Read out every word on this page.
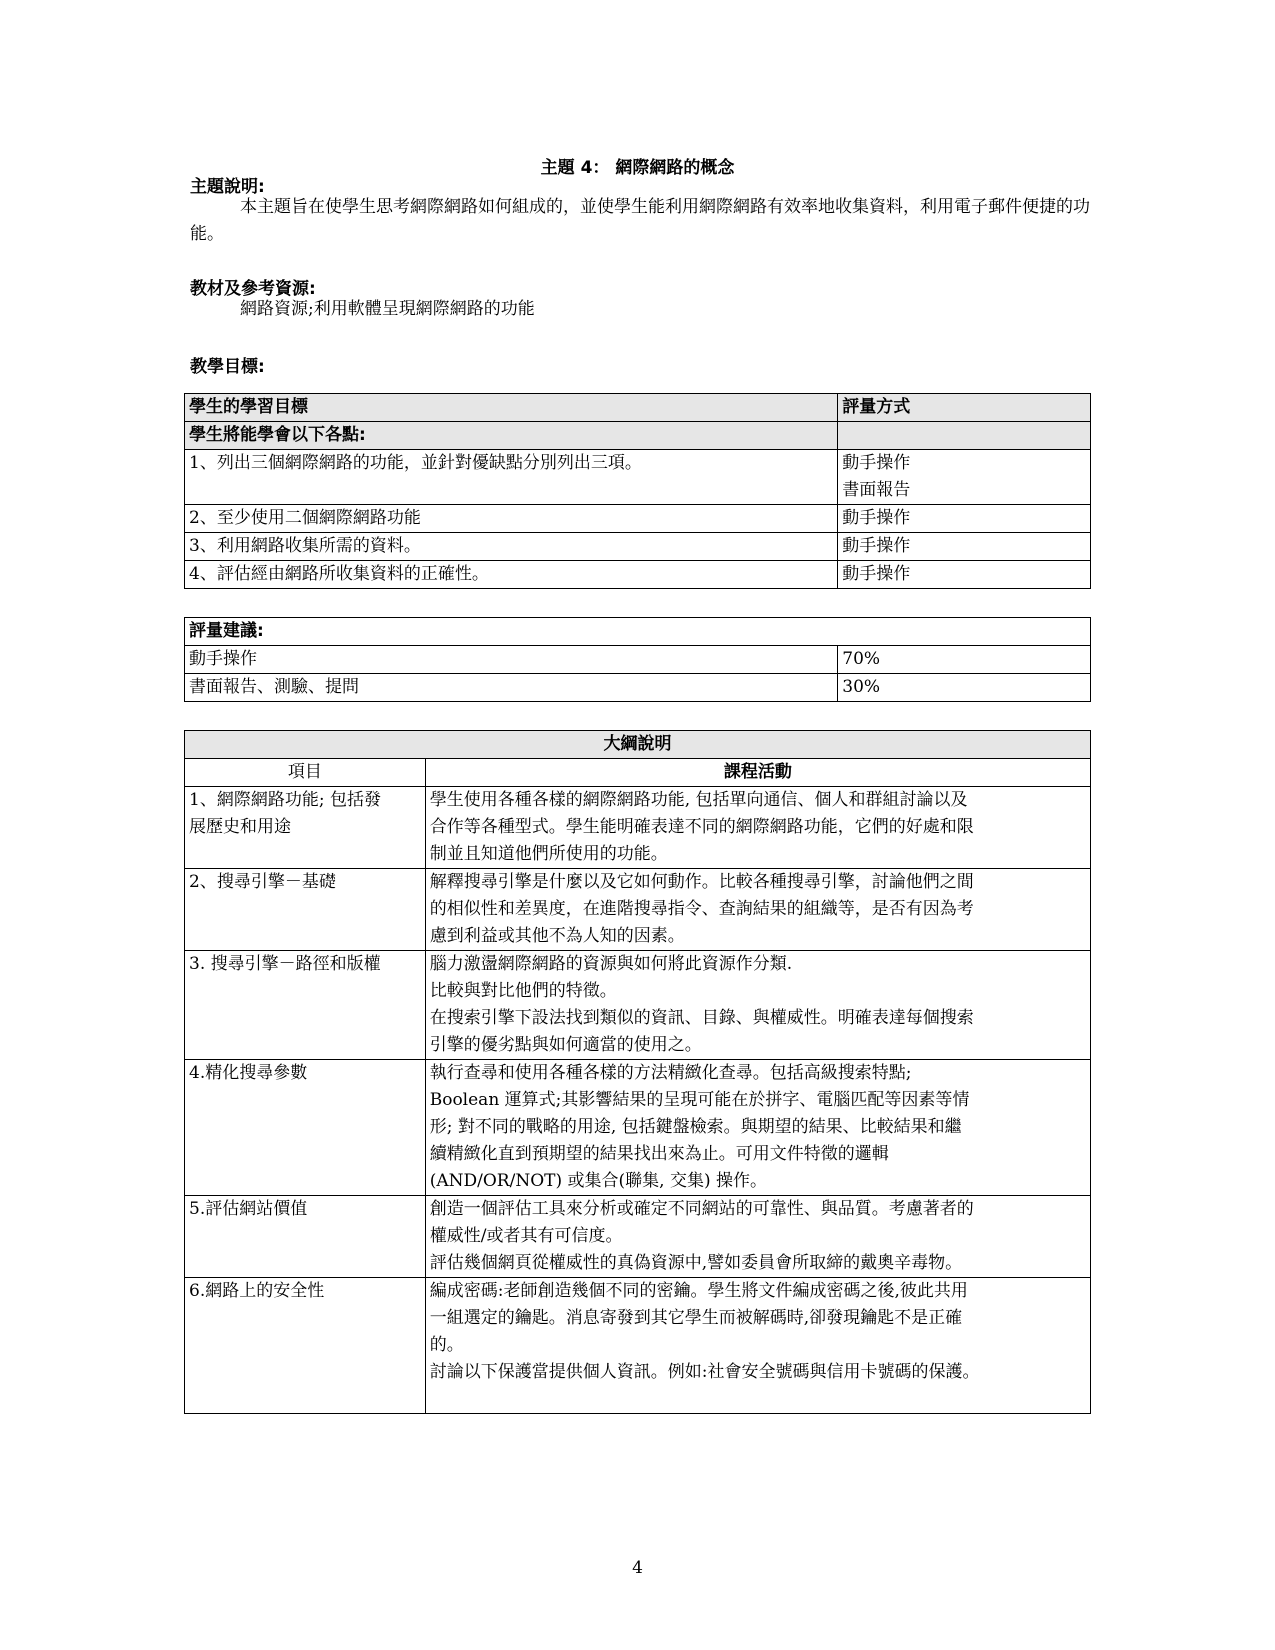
主題 4： 網際網路的概念
主題說明:
本主題旨在使學生思考網際網路如何組成的，並使學生能利用網際網路有效率地收集資料，利用電子郵件便捷的功能。
教材及參考資源:
網路資源;利用軟體呈現網際網路的功能
教學目標:
學生的學習目標	評量方式
學生將能學會以下各點:	
1、列出三個網際網路的功能，並針對優缺點分別列出三項。	動手操作
書面報告

2、至少使用二個網際網路功能	動手操作
3、利用網路收集所需的資料。	動手操作
4、評估經由網路所收集資料的正確性。	動手操作
評量建議:	
動手操作	70%
書面報告、測驗、提問	30%
大綱說明	
項目	課程活動

1、網際網路功能; 包括發
展歷史和用途	學生使用各種各樣的網際網路功能, 包括單向通信、個人和群組討論以及
合作等各種型式。學生能明確表達不同的網際網路功能，它們的好處和限
制並且知道他們所使用的功能。

2、搜尋引擎－基礎	解釋搜尋引擎是什麼以及它如何動作。比較各種搜尋引擎，討論他們之間
的相似性和差異度，在進階搜尋指令、查詢結果的組織等，是否有因為考
慮到利益或其他不為人知的因素。

3. 搜尋引擎－路徑和版權	腦力激盪網際網路的資源與如何將此資源作分類.
比較與對比他們的特徵。
在搜索引擎下設法找到類似的資訊、目錄、與權威性。明確表達每個搜索
引擎的優劣點與如何適當的使用之。

4.精化搜尋參數	執行查尋和使用各種各樣的方法精緻化查尋。包括高級搜索特點;
Boolean 運算式;其影響結果的呈現可能在於拼字、電腦匹配等因素等情
形; 對不同的戰略的用途, 包括鍵盤檢索。與期望的結果、比較結果和繼
續精緻化直到預期望的結果找出來為止。可用文件特徵的邏輯
(AND/OR/NOT) 或集合(聯集, 交集) 操作。

5.評估網站價值	創造一個評估工具來分析或確定不同網站的可靠性、與品質。考慮著者的
權威性/或者其有可信度。
評估幾個網頁從權威性的真偽資源中,譬如委員會所取締的戴奧辛毒物。

6.網路上的安全性	編成密碼:老師創造幾個不同的密鑰。學生將文件編成密碼之後,彼此共用
一組選定的鑰匙。消息寄發到其它學生而被解碼時,卻發現鑰匙不是正確
的。
討論以下保護當提供個人資訊。例如:社會安全號碼與信用卡號碼的保護。

4
